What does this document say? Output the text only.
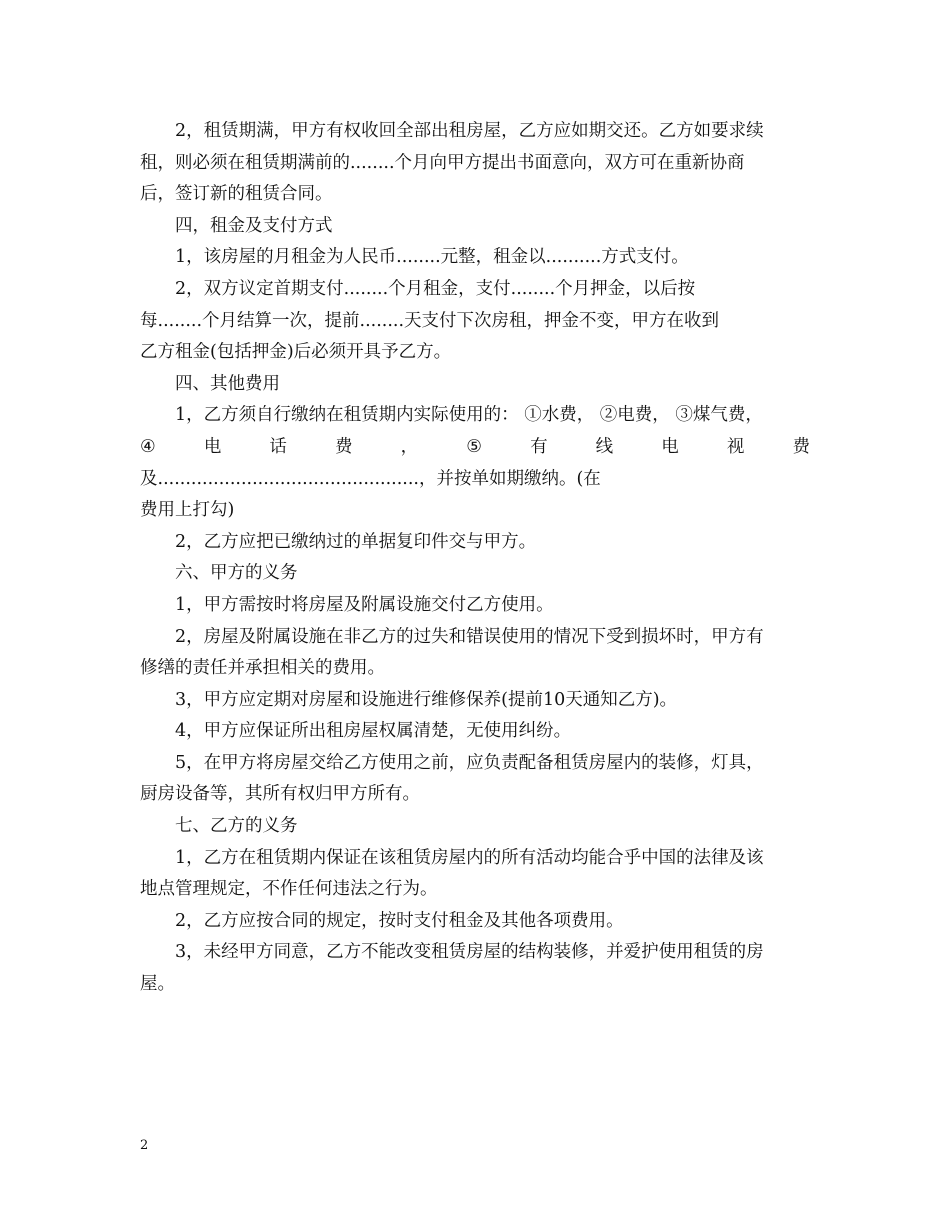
2，租赁期满，甲方有权收回全部出租房屋，乙方应如期交还。乙方如要求续
租，则必须在租赁期满前的........个月向甲方提出书面意向，双方可在重新协商
后，签订新的租赁合同。
四，租金及支付方式
1，该房屋的月租金为人民币........元整，租金以..........方式支付。
2，双方议定首期支付........个月租金，支付........个月押金，以后按
每........个月结算一次，提前........天支付下次房租，押金不变，甲方在收到
乙方租金(包括押金)后必须开具予乙方。
四、其他费用
1，乙方须自行缴纳在租赁期内实际使用的： ①水费， ②电费， ③煤气费，
④	电	话	费	，	⑤	有	线	电	视	费
及...............................................，并按单如期缴纳。(在
费用上打勾)
2，乙方应把已缴纳过的单据复印件交与甲方。
六、甲方的义务
1，甲方需按时将房屋及附属设施交付乙方使用。
2，房屋及附属设施在非乙方的过失和错误使用的情况下受到损坏时，甲方有
修缮的责任并承担相关的费用。
3，甲方应定期对房屋和设施进行维修保养(提前10天通知乙方)。
4，甲方应保证所出租房屋权属清楚，无使用纠纷。
5，在甲方将房屋交给乙方使用之前，应负责配备租赁房屋内的装修，灯具，
厨房设备等，其所有权归甲方所有。
七、乙方的义务
1，乙方在租赁期内保证在该租赁房屋内的所有活动均能合乎中国的法律及该
地点管理规定，不作任何违法之行为。
2，乙方应按合同的规定，按时支付租金及其他各项费用。
3，未经甲方同意，乙方不能改变租赁房屋的结构装修，并爱护使用租赁的房
屋。
2
